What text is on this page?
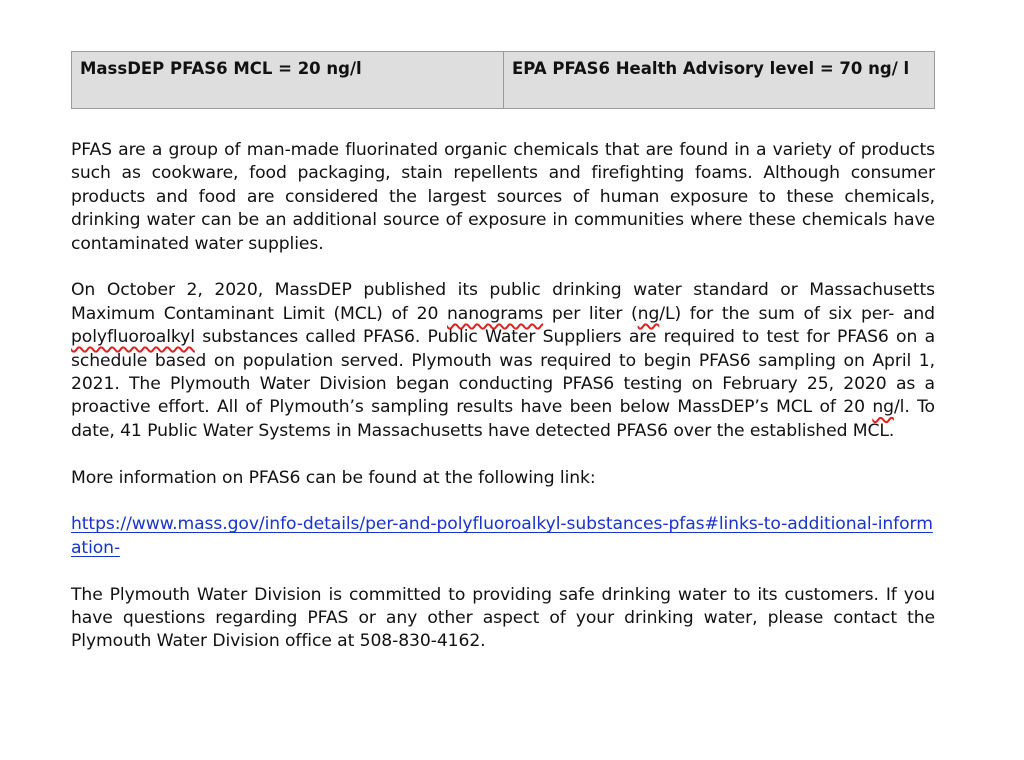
MassDEP PFAS6 MCL = 20 ng/l	EPA PFAS6 Health Advisory level = 70 ng/ l

PFAS are a group of man-made fluorinated organic chemicals that are found in a variety of products such as cookware, food packaging, stain repellents and firefighting foams. Although consumer products and food are considered the largest sources of human exposure to these chemicals, drinking water can be an additional source of exposure in communities where these chemicals have contaminated water supplies.

On October 2, 2020, MassDEP published its public drinking water standard or Massachusetts Maximum Contaminant Limit (MCL) of 20 nanograms per liter (ng/L) for the sum of six per- and polyfluoroalkyl substances called PFAS6. Public Water Suppliers are required to test for PFAS6 on a schedule based on population served. Plymouth was required to begin PFAS6 sampling on April 1, 2021. The Plymouth Water Division began conducting PFAS6 testing on February 25, 2020 as a proactive effort. All of Plymouth’s sampling results have been below MassDEP’s MCL of 20 ng/l. To date, 41 Public Water Systems in Massachusetts have detected PFAS6 over the established MCL.

More information on PFAS6 can be found at the following link:

https://www.mass.gov/info-details/per-and-polyfluoroalkyl-substances-pfas#links-to-additional-information-

The Plymouth Water Division is committed to providing safe drinking water to its customers. If you have questions regarding PFAS or any other aspect of your drinking water, please contact the Plymouth Water Division office at 508-830-4162.
